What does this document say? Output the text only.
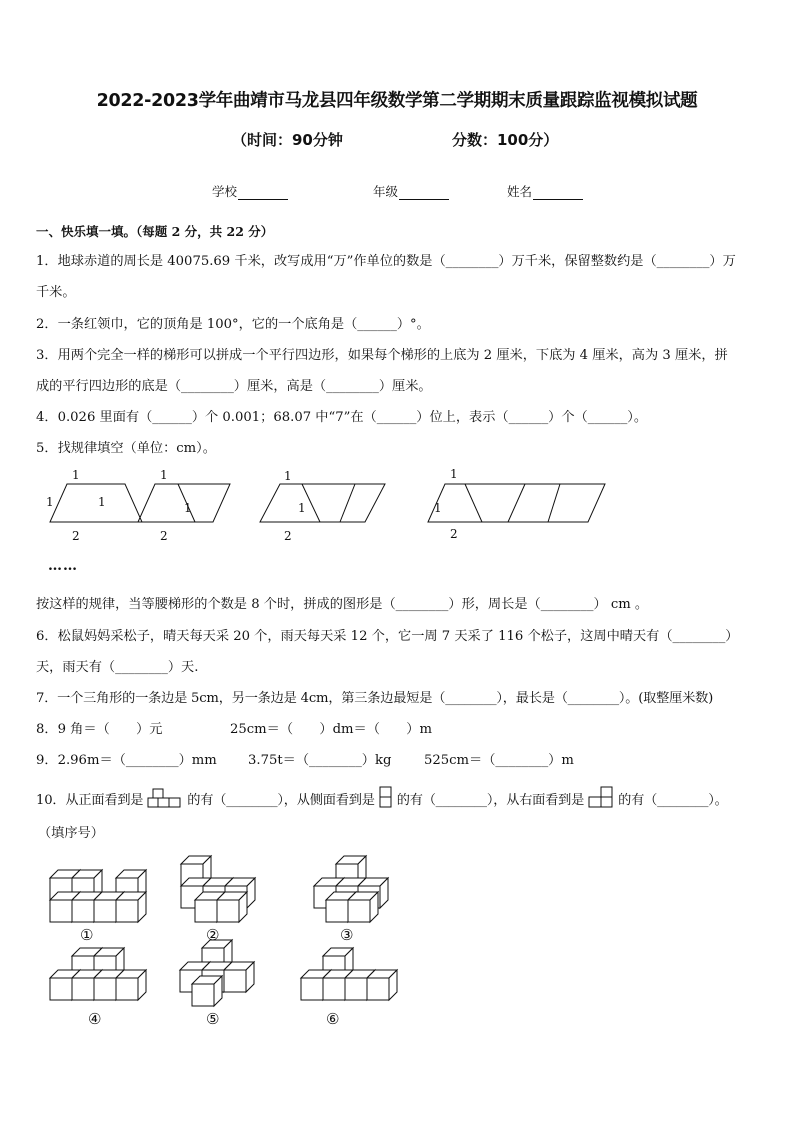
2022-2023学年曲靖市马龙县四年级数学第二学期期末质量跟踪监视模拟试题
（时间：90分钟	分数：100分）
学校	年级	姓名
一、快乐填一填。（每题 2 分，共 22 分）
1．地球赤道的周长是 40075.69 千米，改写成用“万”作单位的数是（________）万千米，保留整数约是（________）万
千米。
2．一条红领巾，它的顶角是 100°，它的一个底角是（______）°。
3．用两个完全一样的梯形可以拼成一个平行四边形，如果每个梯形的上底为 2 厘米，下底为 4 厘米，高为 3 厘米，拼
成的平行四边形的底是（________）厘米，高是（________）厘米。
4．0.026 里面有（______）个 0.001；68.07 中“7”在（______）位上，表示（______）个（______）。
5．找规律填空（单位：cm）。
1
1	1
2
1
1
2
1
1
2
1
1
2
……
按这样的规律，当等腰梯形的个数是 8 个时，拼成的图形是（________）形，周长是（________） cm 。
6．松鼠妈妈采松子，晴天每天采 20 个，雨天每天采 12 个，它一周 7 天采了 116 个松子，这周中晴天有（________）
天，雨天有（________）天.
7．一个三角形的一条边是 5cm，另一条边是 4cm，第三条边最短是（________），最长是（________）。(取整厘米数)
8．9 角＝（　　）元	25cm＝（　　）dm＝（　　）m
9．2.96m＝（________）mm 3.75t＝（________）kg 525cm＝（________）m
10．从正面看到是	的有（________），从侧面看到是 的有（________），从右面看到是	的有（________）。
（填序号）
①	②	③
④	⑤	⑥
